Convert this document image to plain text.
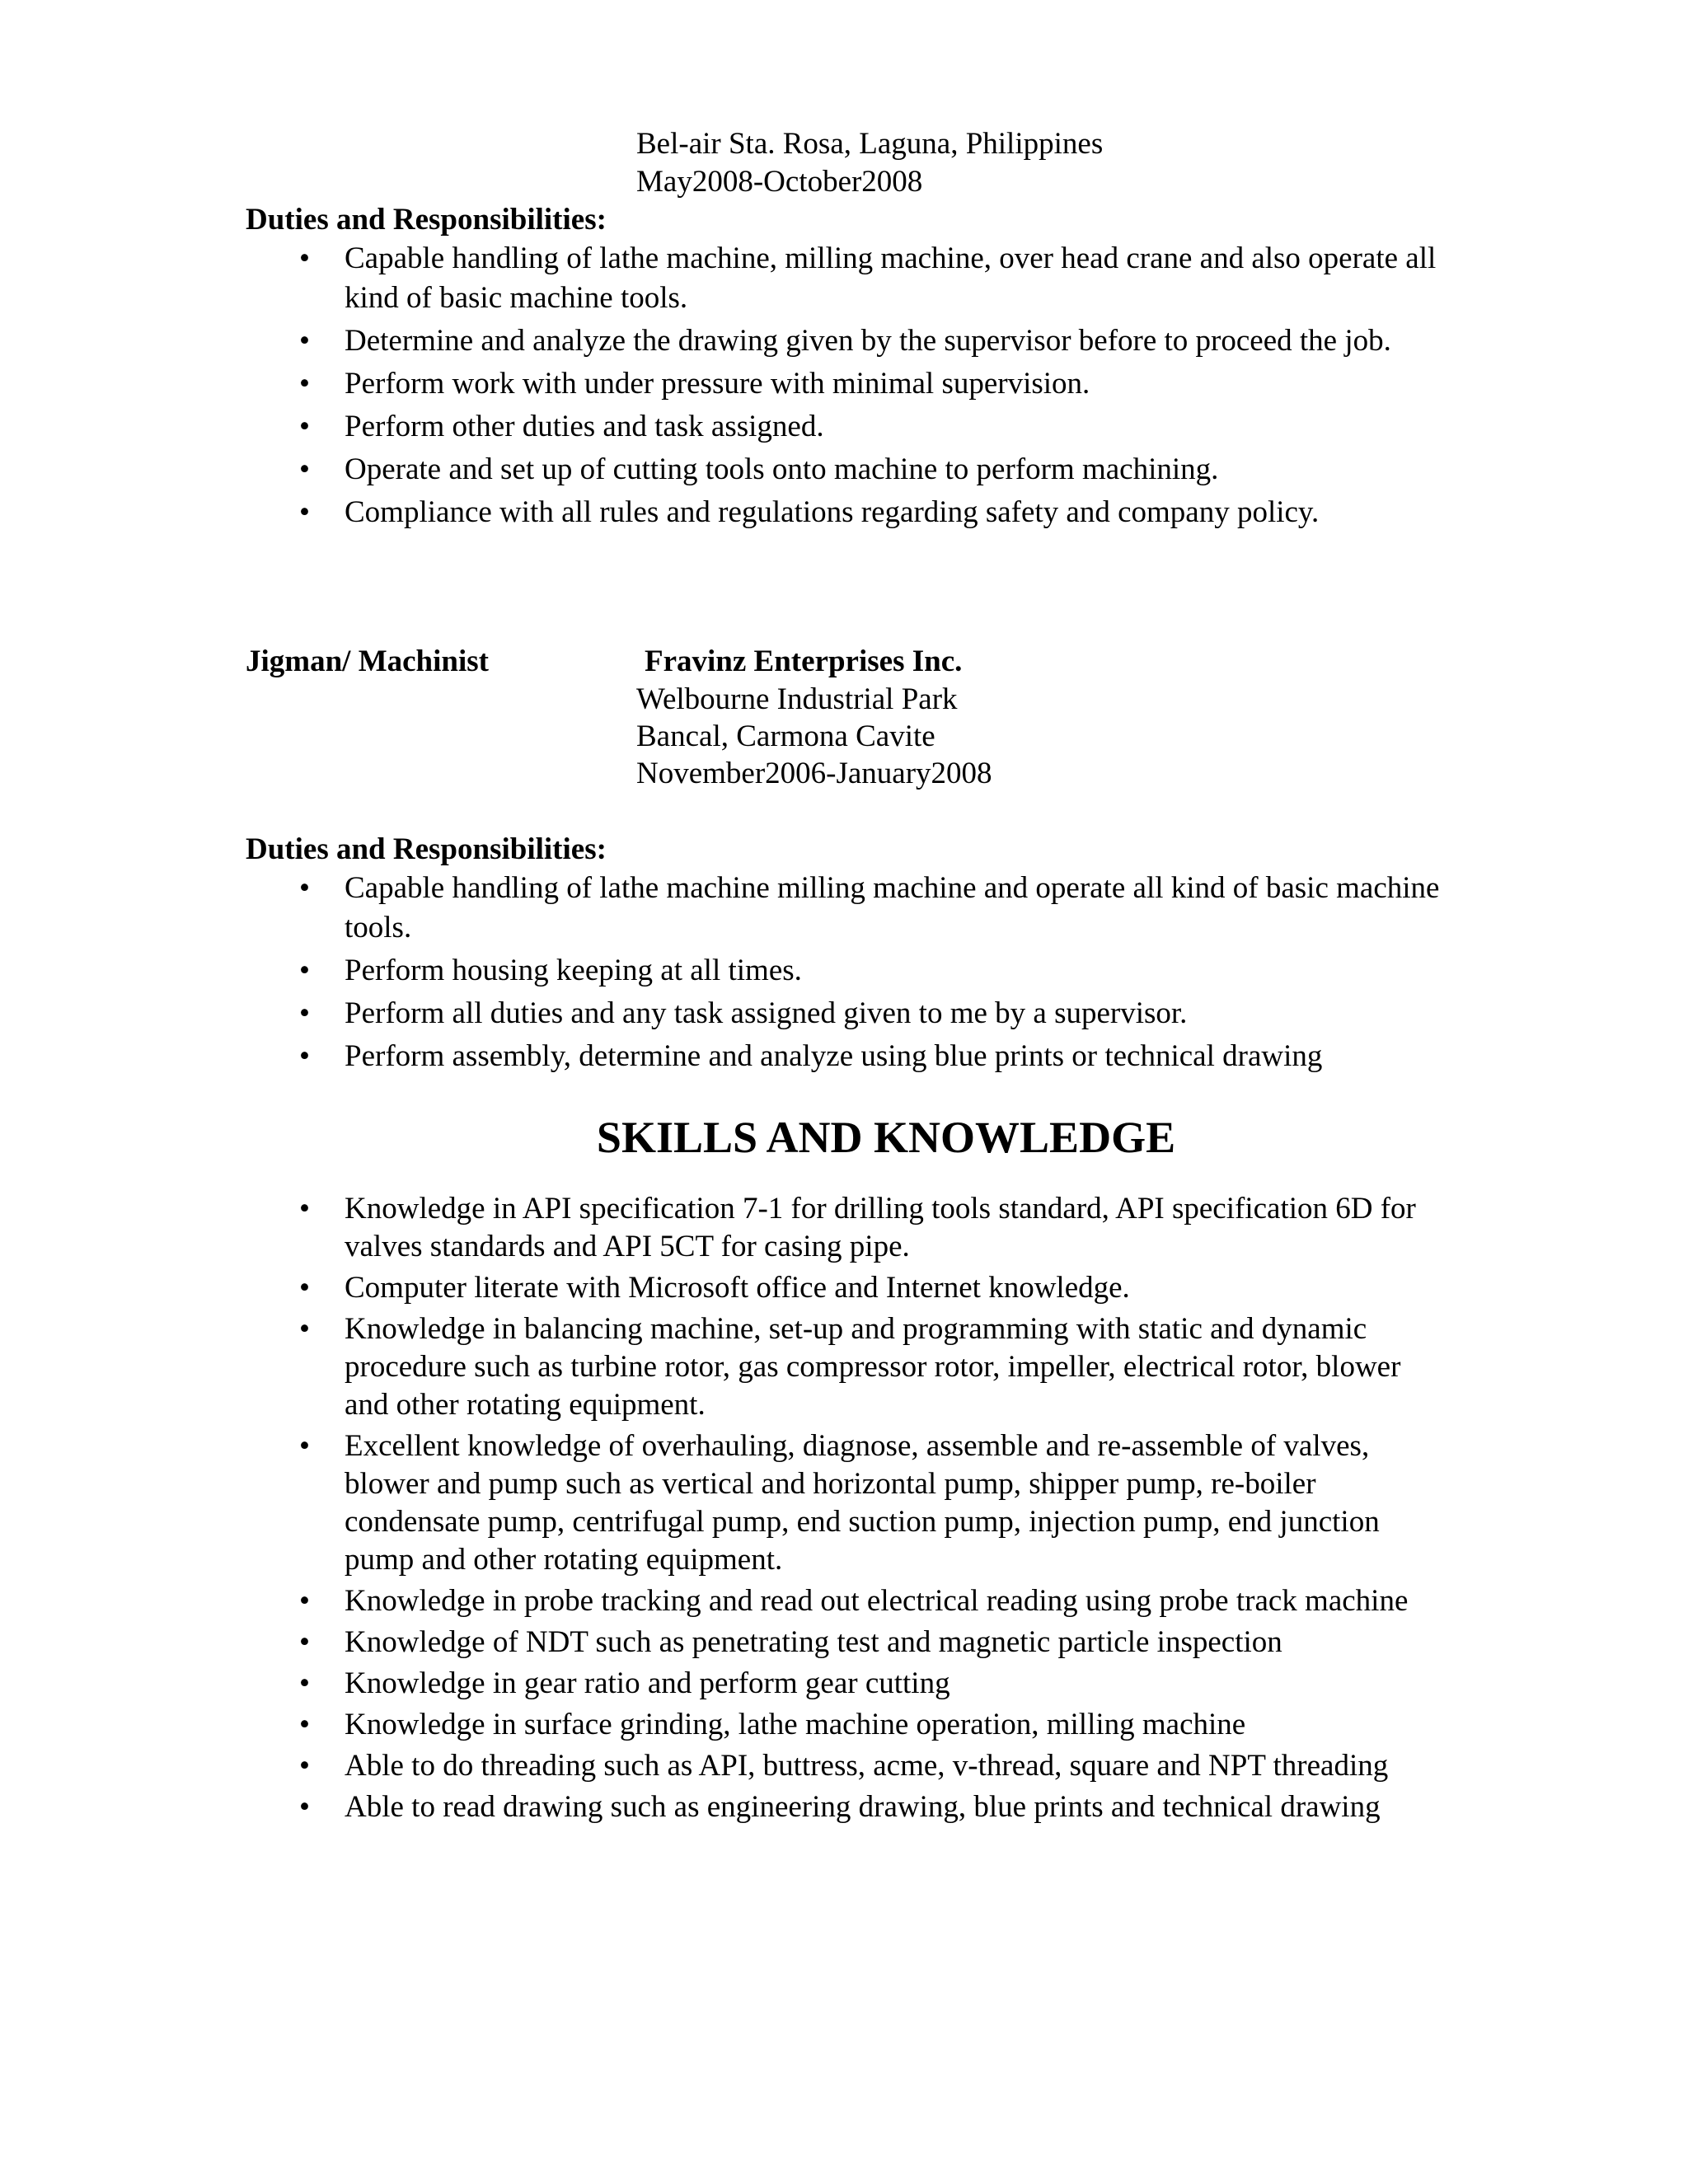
Bel-air Sta. Rosa, Laguna, Philippines
May2008-October2008
Duties and Responsibilities:
• Capable handling of lathe machine, milling machine, over head crane and also operate all kind of basic machine tools.
• Determine and analyze the drawing given by the supervisor before to proceed the job.
• Perform work with under pressure with minimal supervision.
• Perform other duties and task assigned.
• Operate and set up of cutting tools onto machine to perform machining.
• Compliance with all rules and regulations regarding safety and company policy.
Jigman/ Machinist	Fravinz Enterprises Inc.
Welbourne Industrial Park
Bancal, Carmona Cavite
November2006-January2008
Duties and Responsibilities:
• Capable handling of lathe machine milling machine and operate all kind of basic machine tools.
• Perform housing keeping at all times.
• Perform all duties and any task assigned given to me by a supervisor.
• Perform assembly, determine and analyze using blue prints or technical drawing
SKILLS AND KNOWLEDGE
• Knowledge in API specification 7-1 for drilling tools standard, API specification 6D for valves standards and API 5CT for casing pipe.
• Computer literate with Microsoft office and Internet knowledge.
• Knowledge in balancing machine, set-up and programming with static and dynamic procedure such as turbine rotor, gas compressor rotor, impeller, electrical rotor, blower and other rotating equipment.
• Excellent knowledge of overhauling, diagnose, assemble and re-assemble of valves, blower and pump such as vertical and horizontal pump, shipper pump, re-boiler condensate pump, centrifugal pump, end suction pump, injection pump, end junction pump and other rotating equipment.
• Knowledge in probe tracking and read out electrical reading using probe track machine
• Knowledge of NDT such as penetrating test and magnetic particle inspection
• Knowledge in gear ratio and perform gear cutting
• Knowledge in surface grinding, lathe machine operation, milling machine
• Able to do threading such as API, buttress, acme, v-thread, square and NPT threading
• Able to read drawing such as engineering drawing, blue prints and technical drawing
